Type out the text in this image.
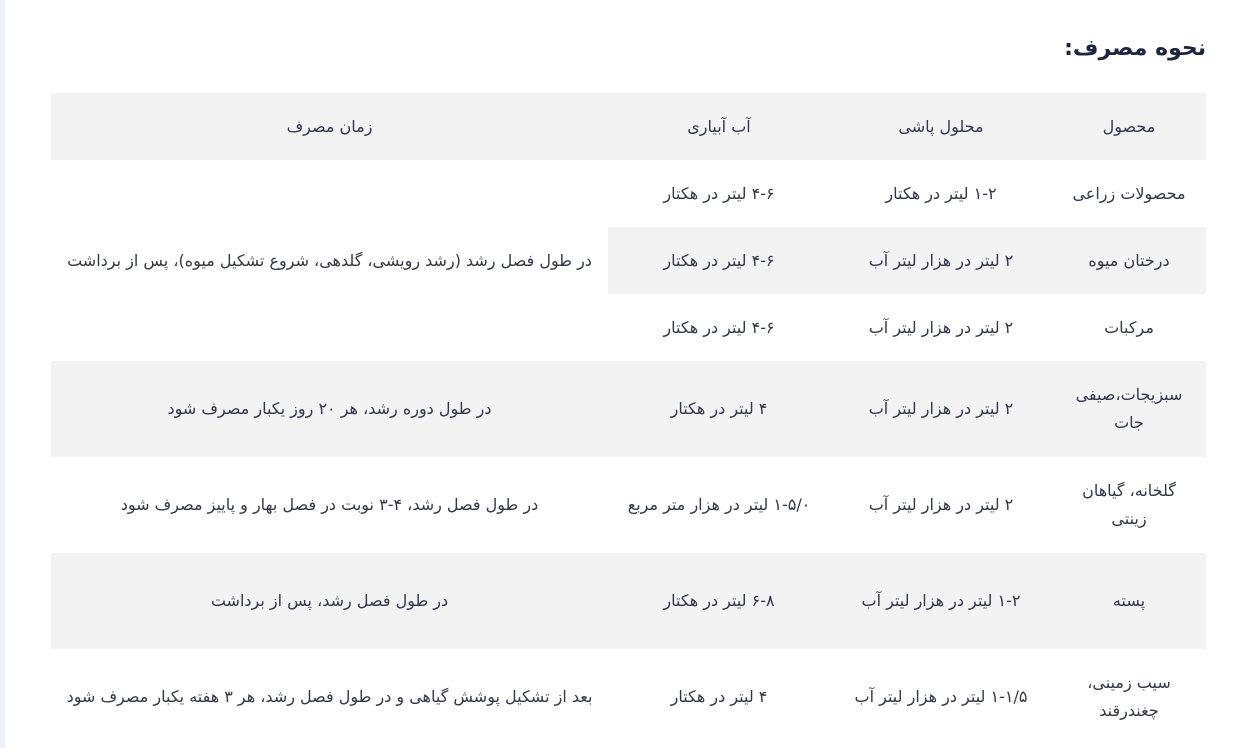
نحوه مصرف:
محصول	محلول پاشی	آب آبیاری	زمان مصرف
محصولات زراعی	۱-۲ لیتر در هکتار	۴-۶ لیتر در هکتار	در طول فصل رشد (رشد رویشی، گلدهی، شروع تشکیل میوه)، پس از برداشت
درختان میوه	۲ لیتر در هزار لیتر آب	۴-۶ لیتر در هکتار	
مرکبات	۲ لیتر در هزار لیتر آب	۴-۶ لیتر در هکتار	
سبزیجات،صیفی جات	۲ لیتر در هزار لیتر آب	۴ لیتر در هکتار	در طول دوره رشد، هر ۲۰ روز یکبار مصرف شود
گلخانه، گیاهان زینتی	۲ لیتر در هزار لیتر آب	۱-۵/۰ لیتر در هزار متر مربع	در طول فصل رشد، ۴-۳ نوبت در فصل بهار و پاییز مصرف شود
پسته	۱-۲ لیتر در هزار لیتر آب	۶-۸ لیتر در هکتار	در طول فصل رشد، پس از برداشت
سیب زمینی، چغندرقند	۱-۱/۵ لیتر در هزار لیتر آب	۴ لیتر در هکتار	بعد از تشکیل پوشش گیاهی و در طول فصل رشد، هر ۳ هفته یکبار مصرف شود
